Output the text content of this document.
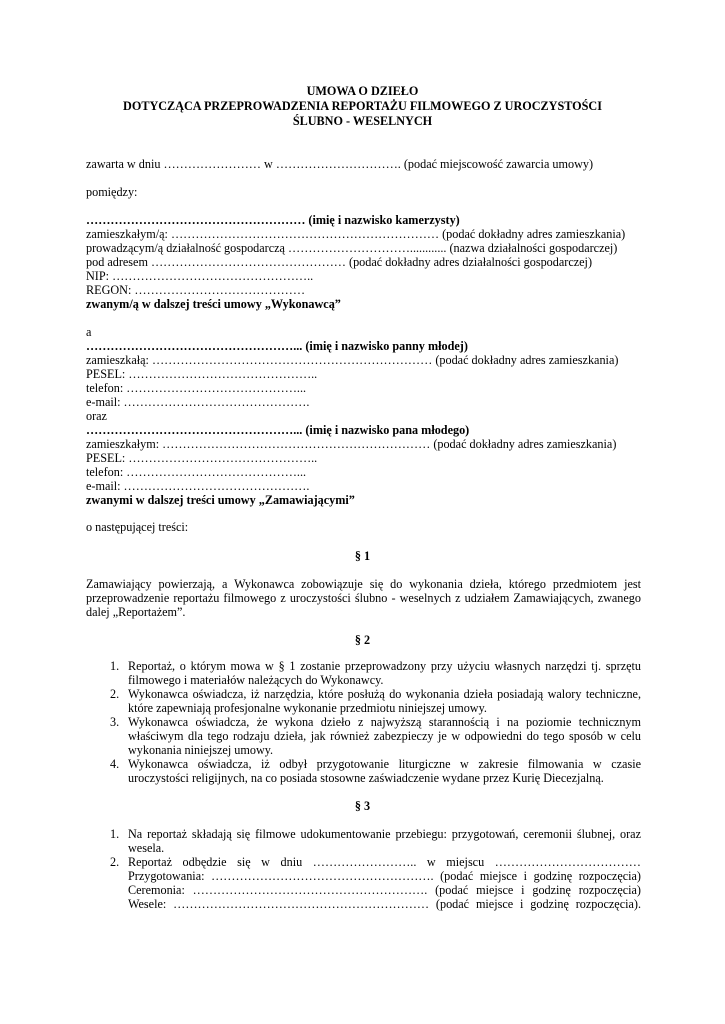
UMOWA O DZIEŁO
DOTYCZĄCA PRZEPROWADZENIA REPORTAŻU FILMOWEGO Z UROCZYSTOŚCI
ŚLUBNO - WESELNYCH
zawarta w dniu …………………… w …………………………. (podać miejscowość zawarcia umowy)
pomiędzy:
……………………………………………… (imię i nazwisko kamerzysty)
zamieszkałym/ą: ………………………………………………………… (podać dokładny adres zamieszkania)
prowadzącym/ą działalność gospodarczą …………………………............ (nazwa działalności gospodarczej)
pod adresem ………………………………………… (podać dokładny adres działalności gospodarczej)
NIP: …………………………………………..
REGON: ……………………………………
zwanym/ą w dalszej treści umowy „Wykonawcą”
a
……………………………………………... (imię i nazwisko panny młodej)
zamieszkałą: …………………………………………………………… (podać dokładny adres zamieszkania)
PESEL: ………………………………………..
telefon: ……………………………………...
e-mail: ……………………………………….
oraz
……………………………………………... (imię i nazwisko pana młodego)
zamieszkałym: ………………………………………………………… (podać dokładny adres zamieszkania)
PESEL: ………………………………………..
telefon: ……………………………………...
e-mail: ……………………………………….
zwanymi w dalszej treści umowy „Zamawiającymi”
o następującej treści:
§ 1
Zamawiający powierzają, a Wykonawca zobowiązuje się do wykonania dzieła, którego przedmiotem jest
przeprowadzenie reportażu filmowego z uroczystości ślubno - weselnych z udziałem Zamawiających, zwanego
dalej „Reportażem”.
§ 2
1. Reportaż, o którym mowa w § 1 zostanie przeprowadzony przy użyciu własnych narzędzi tj. sprzętu
filmowego i materiałów należących do Wykonawcy.
2. Wykonawca oświadcza, iż narzędzia, które posłużą do wykonania dzieła posiadają walory techniczne,
które zapewniają profesjonalne wykonanie przedmiotu niniejszej umowy.
3. Wykonawca oświadcza, że wykona dzieło z najwyższą starannością i na poziomie technicznym
właściwym dla tego rodzaju dzieła, jak również zabezpieczy je w odpowiedni do tego sposób w celu
wykonania niniejszej umowy.
4. Wykonawca oświadcza, iż odbył przygotowanie liturgiczne w zakresie filmowania w czasie
uroczystości religijnych, na co posiada stosowne zaświadczenie wydane przez Kurię Diecezjalną.
§ 3
1. Na reportaż składają się filmowe udokumentowanie przebiegu: przygotowań, ceremonii ślubnej, oraz
wesela.
2. Reportaż odbędzie się w dniu …………………….. w miejscu ………………………………
Przygotowania: ………………………………………………. (podać miejsce i godzinę rozpoczęcia)
Ceremonia: …………………………………………………. (podać miejsce i godzinę rozpoczęcia)
Wesele: ……………………………………………………… (podać miejsce i godzinę rozpoczęcia).
